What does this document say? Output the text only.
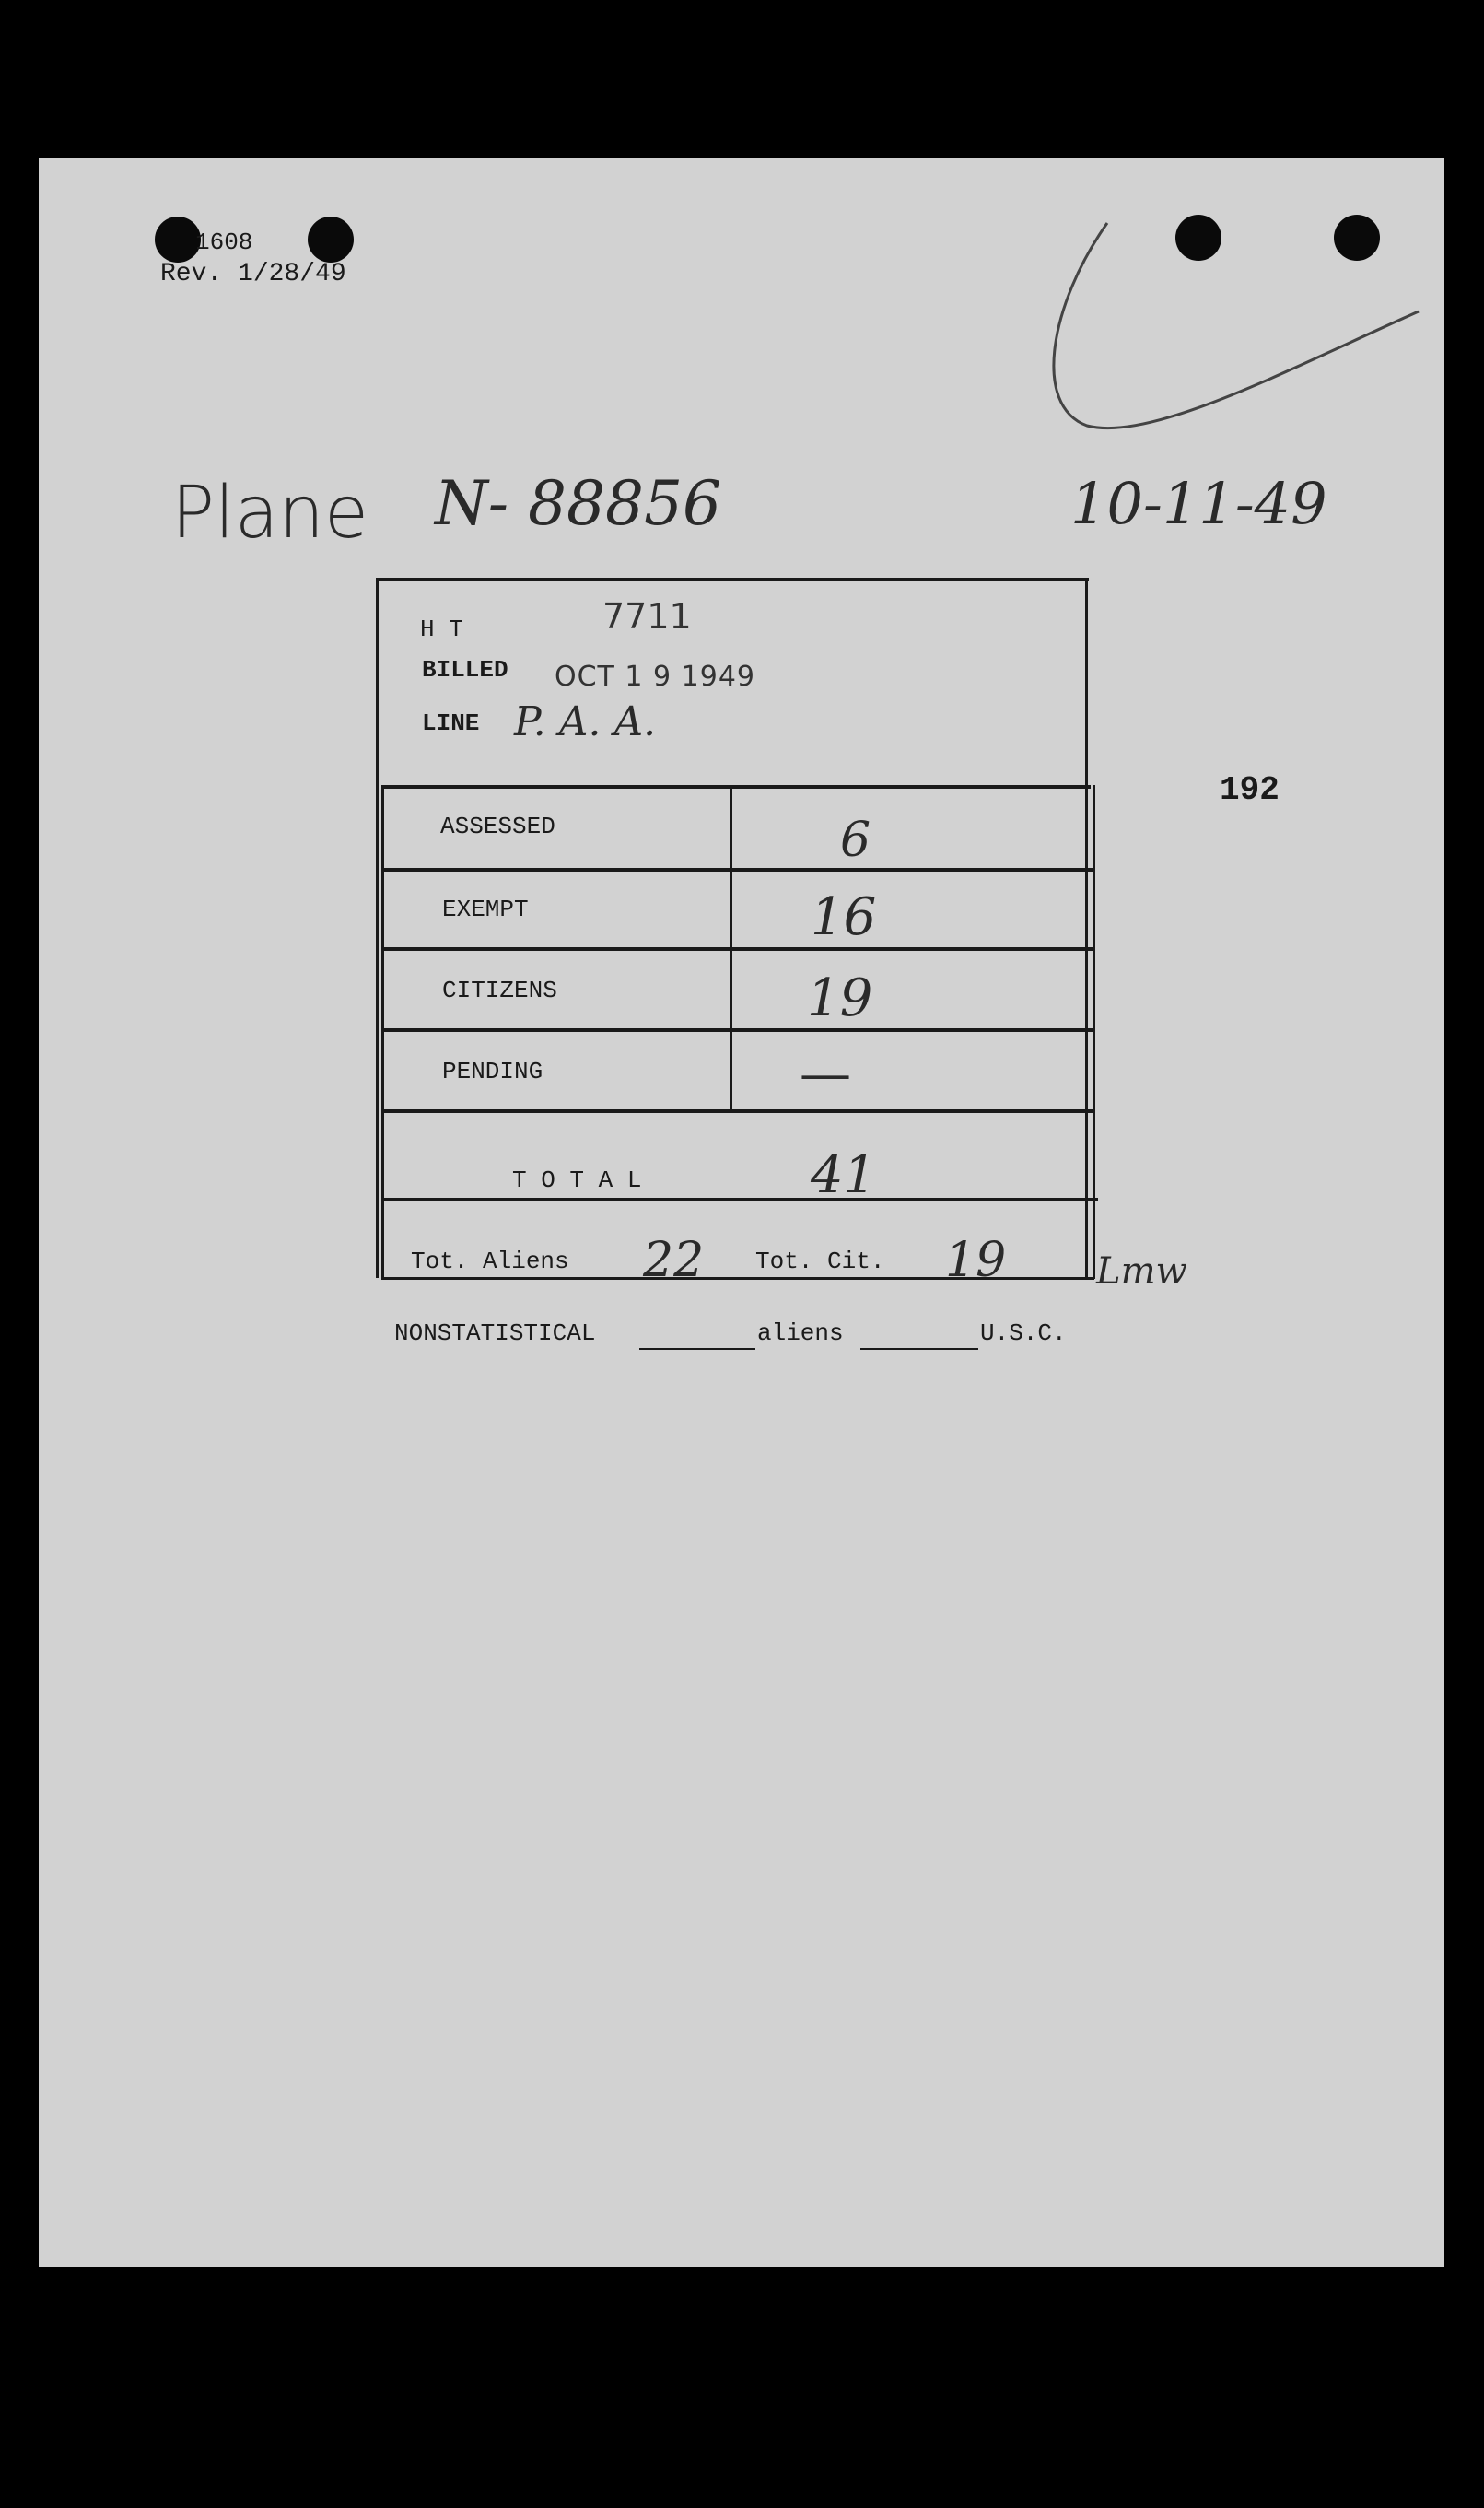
1608
Rev. 1/28/49
Plane N- 88856	10-11-49
H T	7711
BILLED OCT 1 9 1949
LINE P. A. A.
192
ASSESSED	6
EXEMPT	16
CITIZENS	19
PENDING	—
T O T A L	41
Tot. Aliens 22 Tot. Cit. 19 Lmw
NONSTATISTICAL	aliens	U.S.C.
